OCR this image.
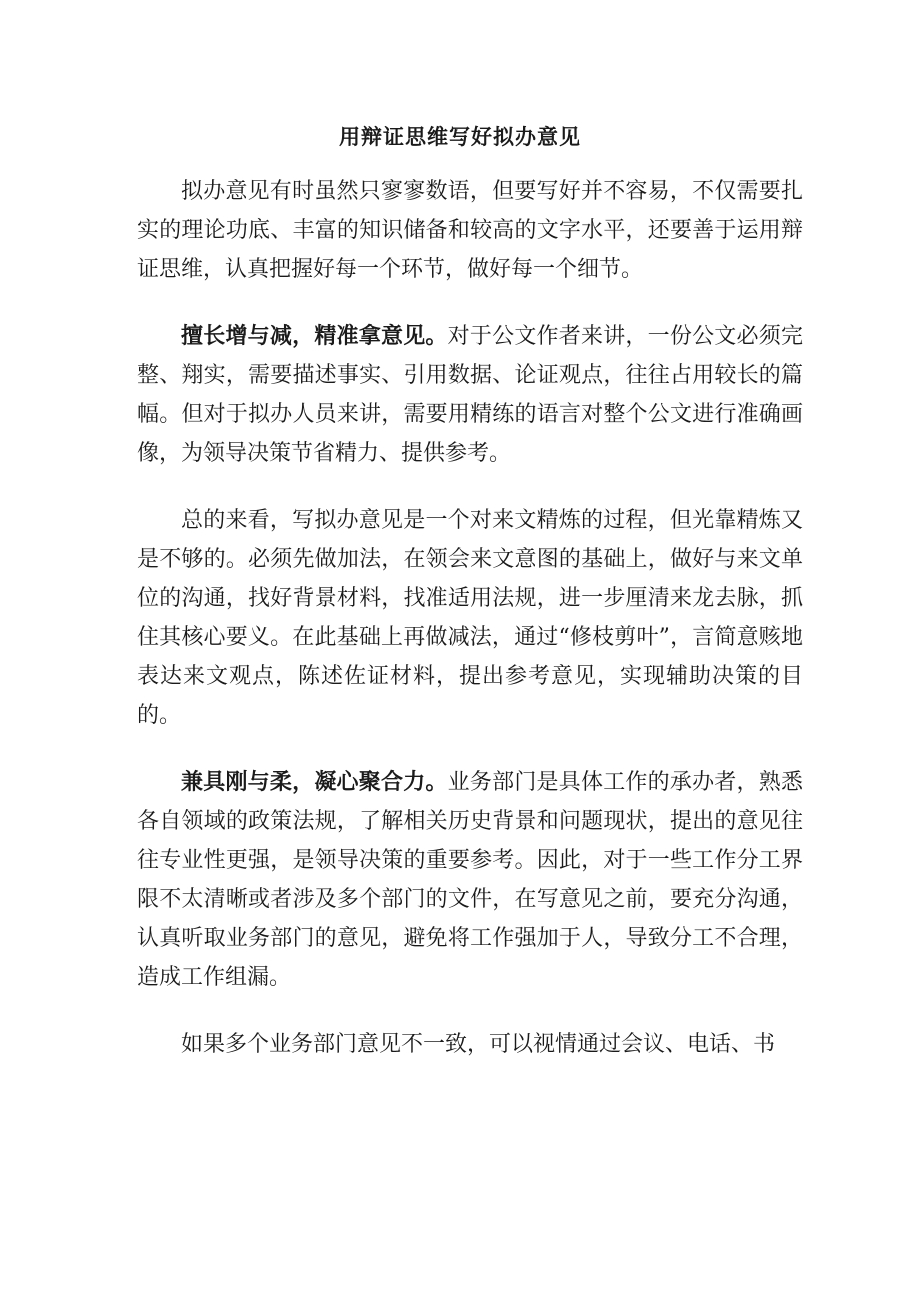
用辩证思维写好拟办意见

拟办意见有时虽然只寥寥数语，但要写好并不容易，不仅需要扎实的理论功底、丰富的知识储备和较高的文字水平，还要善于运用辩证思维，认真把握好每一个环节，做好每一个细节。

擅长增与减，精准拿意见。对于公文作者来讲，一份公文必须完整、翔实，需要描述事实、引用数据、论证观点，往往占用较长的篇幅。但对于拟办人员来讲，需要用精练的语言对整个公文进行准确画像，为领导决策节省精力、提供参考。

总的来看，写拟办意见是一个对来文精炼的过程，但光靠精炼又是不够的。必须先做加法，在领会来文意图的基础上，做好与来文单位的沟通，找好背景材料，找准适用法规，进一步厘清来龙去脉，抓住其核心要义。在此基础上再做减法，通过“修枝剪叶”，言简意赅地表达来文观点，陈述佐证材料，提出参考意见，实现辅助决策的目的。

兼具刚与柔，凝心聚合力。业务部门是具体工作的承办者，熟悉各自领域的政策法规，了解相关历史背景和问题现状，提出的意见往往专业性更强，是领导决策的重要参考。因此，对于一些工作分工界限不太清晰或者涉及多个部门的文件，在写意见之前，要充分沟通，认真听取业务部门的意见，避免将工作强加于人，导致分工不合理，造成工作组漏。

如果多个业务部门意见不一致，可以视情通过会议、电话、书
